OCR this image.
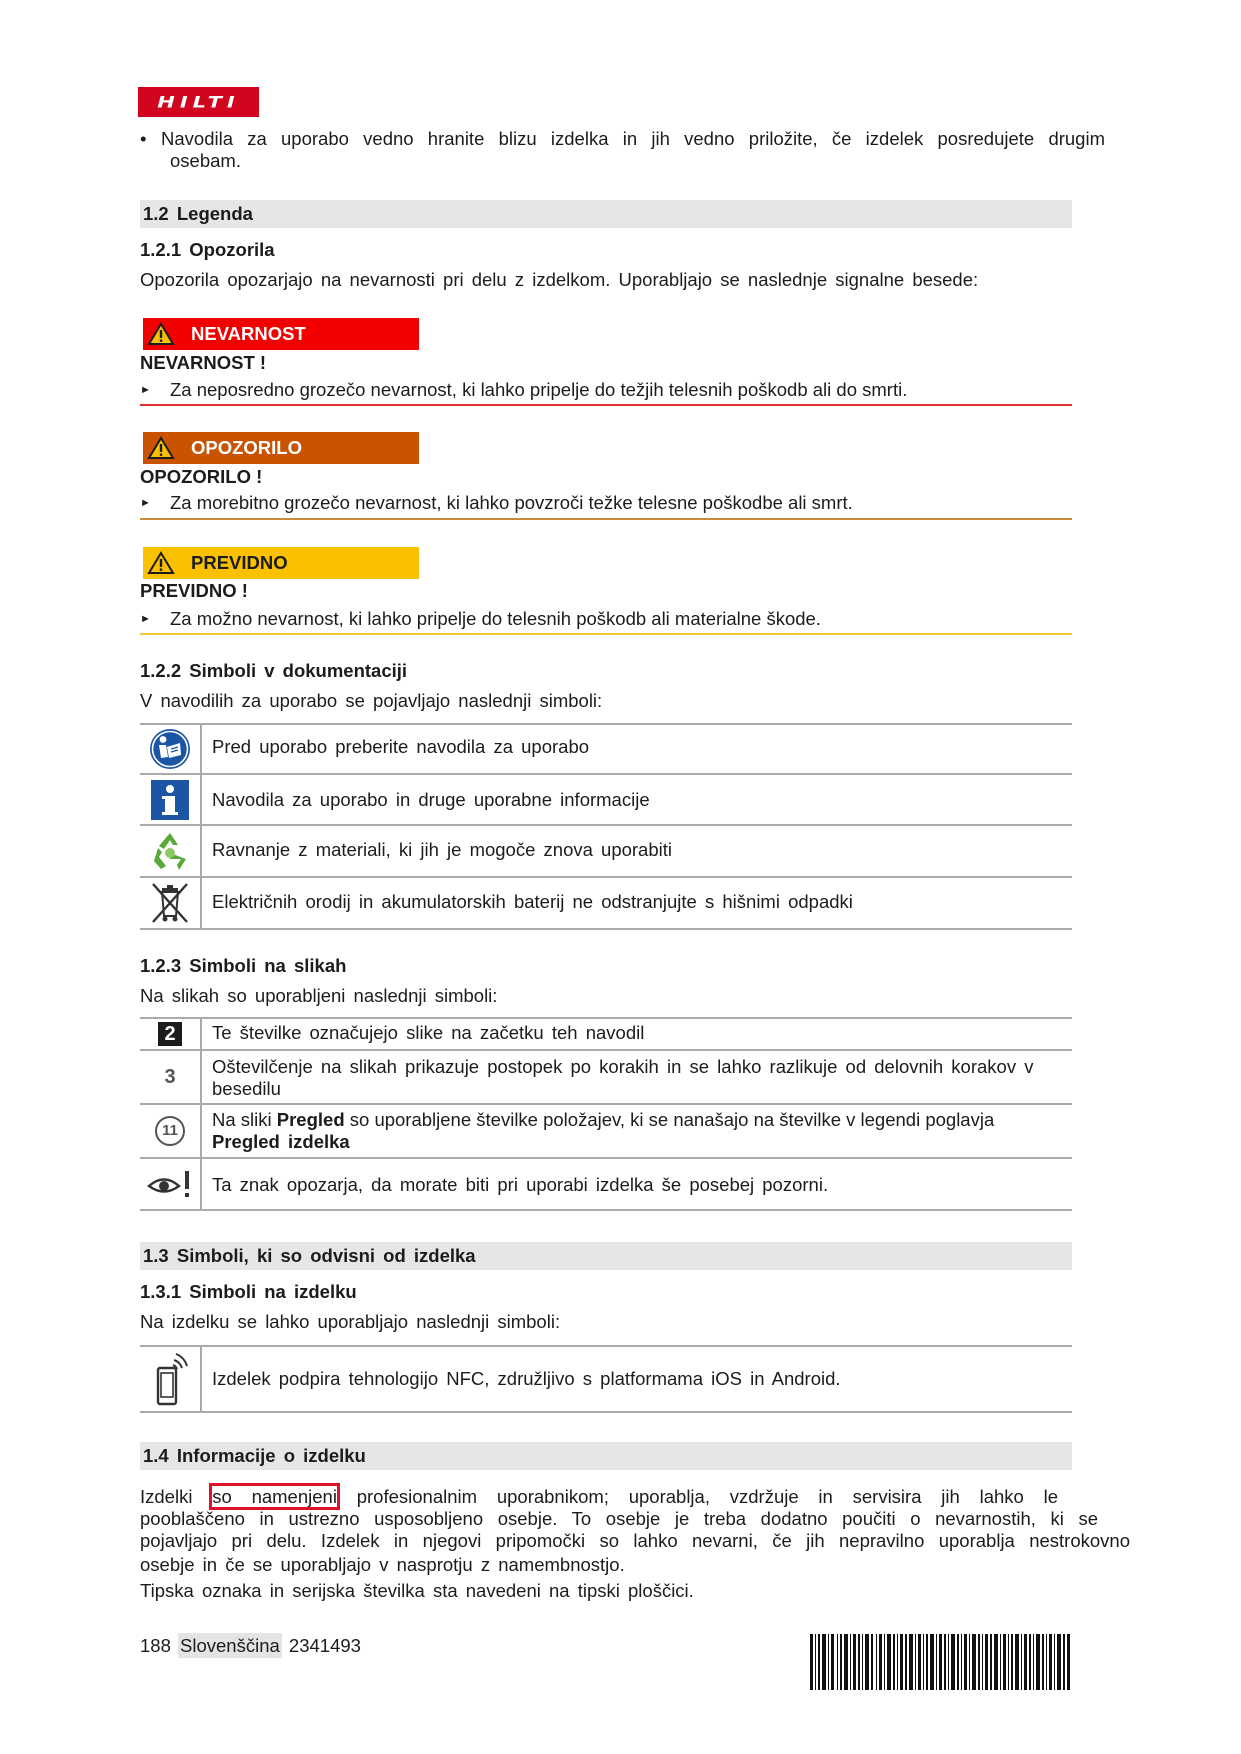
HILTI
• Navodila za uporabo vedno hranite blizu izdelka in jih vedno priložite, če izdelek posredujete drugim
osebam.
1.2 Legenda
1.2.1 Opozorila
Opozorila opozarjajo na nevarnosti pri delu z izdelkom. Uporabljajo se naslednje signalne besede:
NEVARNOST
NEVARNOST !
► Za neposredno grozečo nevarnost, ki lahko pripelje do težjih telesnih poškodb ali do smrti.
OPOZORILO
OPOZORILO !
► Za morebitno grozečo nevarnost, ki lahko povzroči težke telesne poškodbe ali smrt.
PREVIDNO
PREVIDNO !
► Za možno nevarnost, ki lahko pripelje do telesnih poškodb ali materialne škode.
1.2.2 Simboli v dokumentaciji
V navodilih za uporabo se pojavljajo naslednji simboli:
Pred uporabo preberite navodila za uporabo
Navodila za uporabo in druge uporabne informacije
Ravnanje z materiali, ki jih je mogoče znova uporabiti
Električnih orodij in akumulatorskih baterij ne odstranjujte s hišnimi odpadki
1.2.3 Simboli na slikah
Na slikah so uporabljeni naslednji simboli:
2	Te številke označujejo slike na začetku teh navodil
3 Oštevilčenje na slikah prikazuje postopek po korakih in se lahko razlikuje od delovnih korakov v
besedilu
11
Na sliki Pregled so uporabljene številke položajev, ki se nanašajo na številke v legendi poglavja
Pregled izdelka
Ta znak opozarja, da morate biti pri uporabi izdelka še posebej pozorni.
1.3 Simboli, ki so odvisni od izdelka
1.3.1 Simboli na izdelku
Na izdelku se lahko uporabljajo naslednji simboli:
Izdelek podpira tehnologijo NFC, združljivo s platformama iOS in Android.
1.4 Informacije o izdelku
Izdelki so namenjeni profesionalnim uporabnikom; uporablja, vzdržuje in servisira jih lahko le
pooblaščeno in ustrezno usposobljeno osebje. To osebje je treba dodatno poučiti o nevarnostih, ki se
pojavljajo pri delu. Izdelek in njegovi pripomočki so lahko nevarni, če jih nepravilno uporablja nestrokovno
osebje in če se uporabljajo v nasprotju z namembnostjo.
Tipska oznaka in serijska številka sta navedeni na tipski ploščici.
188 Slovenščina 2341493
